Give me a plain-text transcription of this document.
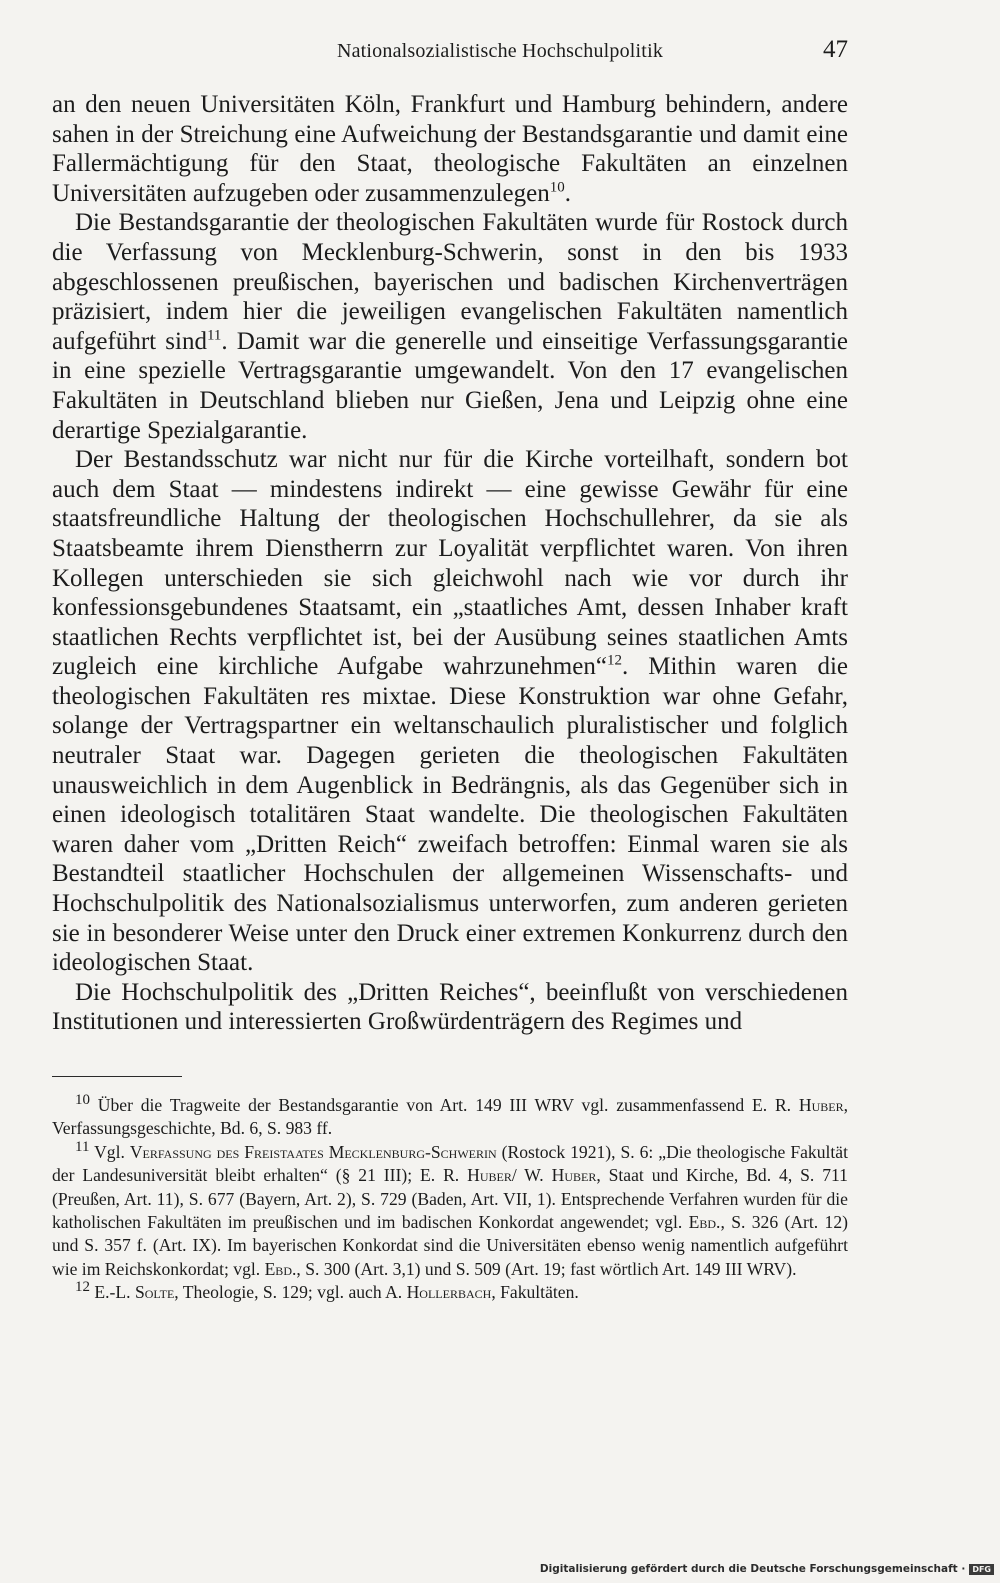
Nationalsozialistische Hochschulpolitik	47

an den neuen Universitäten Köln, Frankfurt und Hamburg behindern, andere sahen in der Streichung eine Aufweichung der Bestandsgarantie und damit eine Fallermächtigung für den Staat, theologische Fakultäten an einzelnen Universitäten aufzugeben oder zusammenzulegen$^{10}$.

Die Bestandsgarantie der theologischen Fakultäten wurde für Rostock durch die Verfassung von Mecklenburg-Schwerin, sonst in den bis 1933 abgeschlossenen preußischen, bayerischen und badischen Kirchenverträgen präzisiert, indem hier die jeweiligen evangelischen Fakultäten namentlich aufgeführt sind$^{11}$. Damit war die generelle und einseitige Verfassungsgarantie in eine spezielle Vertragsgarantie umgewandelt. Von den 17 evangelischen Fakultäten in Deutschland blieben nur Gießen, Jena und Leipzig ohne eine derartige Spezialgarantie.

Der Bestandsschutz war nicht nur für die Kirche vorteilhaft, sondern bot auch dem Staat — mindestens indirekt — eine gewisse Gewähr für eine staatsfreundliche Haltung der theologischen Hochschullehrer, da sie als Staatsbeamte ihrem Dienstherrn zur Loyalität verpflichtet waren. Von ihren Kollegen unterschieden sie sich gleichwohl nach wie vor durch ihr konfessionsgebundenes Staatsamt, ein „staatliches Amt, dessen Inhaber kraft staatlichen Rechts verpflichtet ist, bei der Ausübung seines staatlichen Amts zugleich eine kirchliche Aufgabe wahrzunehmen“$^{12}$. Mithin waren die theologischen Fakultäten res mixtae. Diese Konstruktion war ohne Gefahr, solange der Vertragspartner ein weltanschaulich pluralistischer und folglich neutraler Staat war. Dagegen gerieten die theologischen Fakultäten unausweichlich in dem Augenblick in Bedrängnis, als das Gegenüber sich in einen ideologisch totalitären Staat wandelte. Die theologischen Fakultäten waren daher vom „Dritten Reich“ zweifach betroffen: Einmal waren sie als Bestandteil staatlicher Hochschulen der allgemeinen Wissenschafts- und Hochschulpolitik des Nationalsozialismus unterworfen, zum anderen gerieten sie in besonderer Weise unter den Druck einer extremen Konkurrenz durch den ideologischen Staat.

Die Hochschulpolitik des „Dritten Reiches“, beeinflußt von verschiedenen Institutionen und interessierten Großwürdenträgern des Regimes und

$^{10}$ Über die Tragweite der Bestandsgarantie von Art. 149 III WRV vgl. zusammenfassend E. R. Huber, Verfassungsgeschichte, Bd. 6, S. 983 ff.

$^{11}$ Vgl. Verfassung des Freistaates Mecklenburg-Schwerin (Rostock 1921), S. 6: „Die theologische Fakultät der Landesuniversität bleibt erhalten“ (§ 21 III); E. R. Huber/ W. Huber, Staat und Kirche, Bd. 4, S. 711 (Preußen, Art. 11), S. 677 (Bayern, Art. 2), S. 729 (Baden, Art. VII, 1). Entsprechende Verfahren wurden für die katholischen Fakultäten im preußischen und im badischen Konkordat angewendet; vgl. Ebd., S. 326 (Art. 12) und S. 357 f. (Art. IX). Im bayerischen Konkordat sind die Universitäten ebenso wenig namentlich aufgeführt wie im Reichskonkordat; vgl. Ebd., S. 300 (Art. 3,1) und S. 509 (Art. 19; fast wörtlich Art. 149 III WRV).

$^{12}$ E.-L. Solte, Theologie, S. 129; vgl. auch A. Hollerbach, Fakultäten.

Digitalisierung gefördert durch die Deutsche Forschungsgemeinschaft · DFG
